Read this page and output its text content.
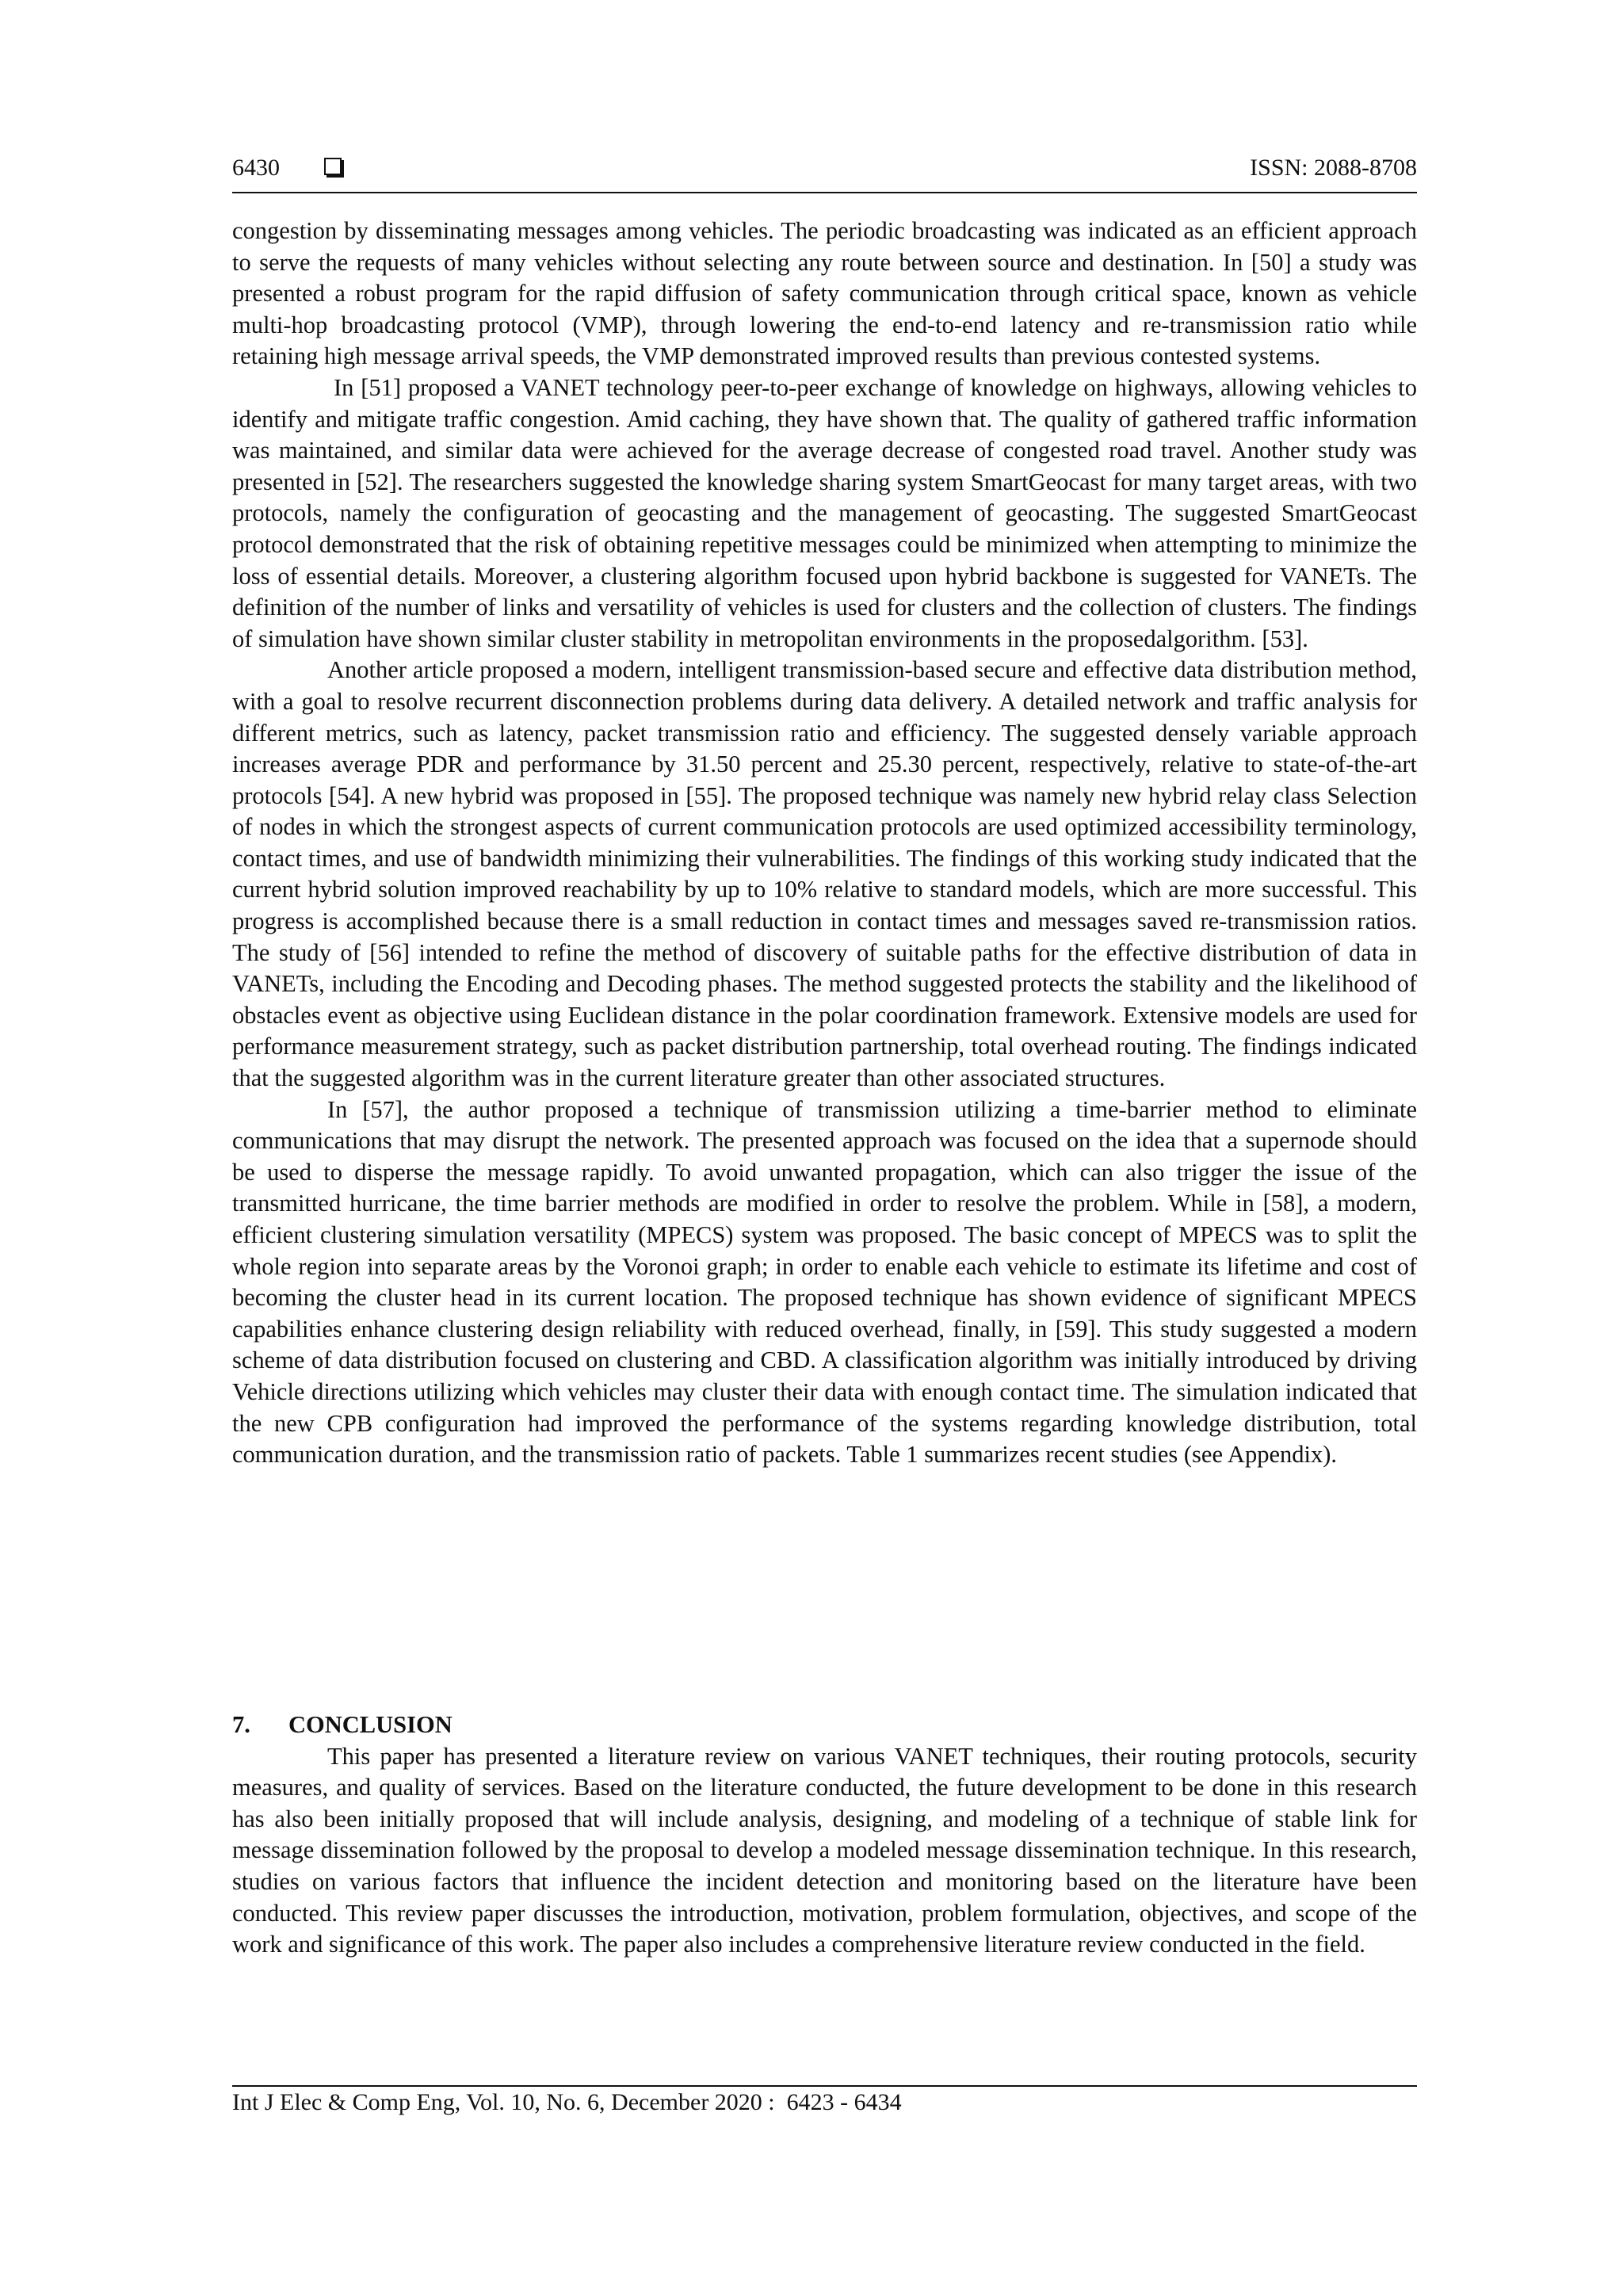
6430	ISSN: 2088-8708

congestion by disseminating messages among vehicles. The periodic broadcasting was indicated as an efficient approach to serve the requests of many vehicles without selecting any route between source and destination. In [50] a study was presented a robust program for the rapid diffusion of safety communication through critical space, known as vehicle multi-hop broadcasting protocol (VMP), through lowering the end-to-end latency and re-transmission ratio while retaining high message arrival speeds, the VMP demonstrated improved results than previous contested systems.

In [51] proposed a VANET technology peer-to-peer exchange of knowledge on highways, allowing vehicles to identify and mitigate traffic congestion. Amid caching, they have shown that. The quality of gathered traffic information was maintained, and similar data were achieved for the average decrease of congested road travel. Another study was presented in [52]. The researchers suggested the knowledge sharing system SmartGeocast for many target areas, with two protocols, namely the configuration of geocasting and the management of geocasting. The suggested SmartGeocast protocol demonstrated that the risk of obtaining repetitive messages could be minimized when attempting to minimize the loss of essential details. Moreover, a clustering algorithm focused upon hybrid backbone is suggested for VANETs. The definition of the number of links and versatility of vehicles is used for clusters and the collection of clusters. The findings of simulation have shown similar cluster stability in metropolitan environments in the proposedalgorithm. [53].

Another article proposed a modern, intelligent transmission-based secure and effective data distribution method, with a goal to resolve recurrent disconnection problems during data delivery. A detailed network and traffic analysis for different metrics, such as latency, packet transmission ratio and efficiency. The suggested densely variable approach increases average PDR and performance by 31.50 percent and 25.30 percent, respectively, relative to state-of-the-art protocols [54]. A new hybrid was proposed in [55]. The proposed technique was namely new hybrid relay class Selection of nodes in which the strongest aspects of current communication protocols are used optimized accessibility terminology, contact times, and use of bandwidth minimizing their vulnerabilities. The findings of this working study indicated that the current hybrid solution improved reachability by up to 10% relative to standard models, which are more successful. This progress is accomplished because there is a small reduction in contact times and messages saved re-transmission ratios. The study of [56] intended to refine the method of discovery of suitable paths for the effective distribution of data in VANETs, including the Encoding and Decoding phases. The method suggested protects the stability and the likelihood of obstacles event as objective using Euclidean distance in the polar coordination framework. Extensive models are used for performance measurement strategy, such as packet distribution partnership, total overhead routing. The findings indicated that the suggested algorithm was in the current literature greater than other associated structures.

In [57], the author proposed a technique of transmission utilizing a time-barrier method to eliminate communications that may disrupt the network. The presented approach was focused on the idea that a supernode should be used to disperse the message rapidly. To avoid unwanted propagation, which can also trigger the issue of the transmitted hurricane, the time barrier methods are modified in order to resolve the problem. While in [58], a modern, efficient clustering simulation versatility (MPECS) system was proposed. The basic concept of MPECS was to split the whole region into separate areas by the Voronoi graph; in order to enable each vehicle to estimate its lifetime and cost of becoming the cluster head in its current location. The proposed technique has shown evidence of significant MPECS capabilities enhance clustering design reliability with reduced overhead, finally, in [59]. This study suggested a modern scheme of data distribution focused on clustering and CBD. A classification algorithm was initially introduced by driving Vehicle directions utilizing which vehicles may cluster their data with enough contact time. The simulation indicated that the new CPB configuration had improved the performance of the systems regarding knowledge distribution, total communication duration, and the transmission ratio of packets. Table 1 summarizes recent studies (see Appendix).

7. CONCLUSION

This paper has presented a literature review on various VANET techniques, their routing protocols, security measures, and quality of services. Based on the literature conducted, the future development to be done in this research has also been initially proposed that will include analysis, designing, and modeling of a technique of stable link for message dissemination followed by the proposal to develop a modeled message dissemination technique. In this research, studies on various factors that influence the incident detection and monitoring based on the literature have been conducted. This review paper discusses the introduction, motivation, problem formulation, objectives, and scope of the work and significance of this work. The paper also includes a comprehensive literature review conducted in the field.

Int J Elec & Comp Eng, Vol. 10, No. 6, December 2020 :  6423 - 6434
